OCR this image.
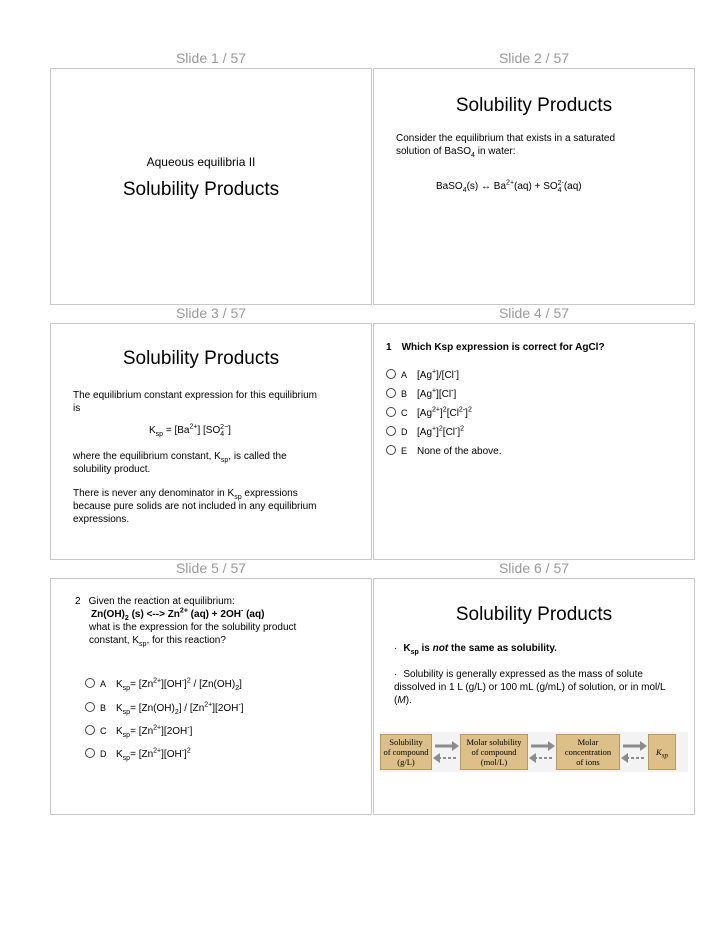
Slide 1 / 57	Slide 2 / 57
Slide 3 / 57	Slide 4 / 57
Slide 5 / 57	Slide 6 / 57
Aqueous equilibria II
Solubility Products
Solubility Products
Consider the equilibrium that exists in a saturated
solution of BaSO$_4$ in water:
BaSO$_4$(s) ↔ $Ba^{2+}(aq) + SO_4^{2-}(aq)$
Solubility Products
The equilibrium constant expression for this equilibrium is
$K_{sp} = [Ba^{2+}]$ $[SO_4^{2-}]$
where the equilibrium constant, $K_{sp}$, is called the solubility product.
There is never any denominator in $K_{sp}$ expressions because pure solids are not included in any equilibrium expressions.
1 Which Ksp expression is correct for AgCl?
A [Ag+]/[Cl-]
B [Ag+][Cl-]
C $[Ag^{2+}]^2[Cl^{2-}]^2$
D $[Ag^+]^2[Cl^-]^2$
E None of the above.
2 Given the reaction at equilibrium:
$Zn(OH)_2$ (s) <--> $Zn^{2+}$ (aq) + 2OH- (aq)
what is the expression for the solubility product
constant, $K_{sp}$, for this reaction?
A $K_{sp}= [Zn^{2+}][OH^-]^2 / [Zn(OH)_2]$
B $K_{sp}= [Zn(OH)_2] / [Zn^{2+}][2OH^-]$
C $K_{sp}= [Zn^{2+}][2OH^-]$
D $K_{sp}= [Zn^{2+}][OH^-]^2$
Solubility Products
· $K_{sp}$ is not the same as solubility.
· Solubility is generally expressed as the mass of solute dissolved in 1 L (g/L) or 100 mL (g/mL) of solution, or in mol/L (M).
Solubility
of compound
(g/L)
Molar solubility
of compound
(mol/L)
Molar
concentration
of ions
$K_{sp}$
